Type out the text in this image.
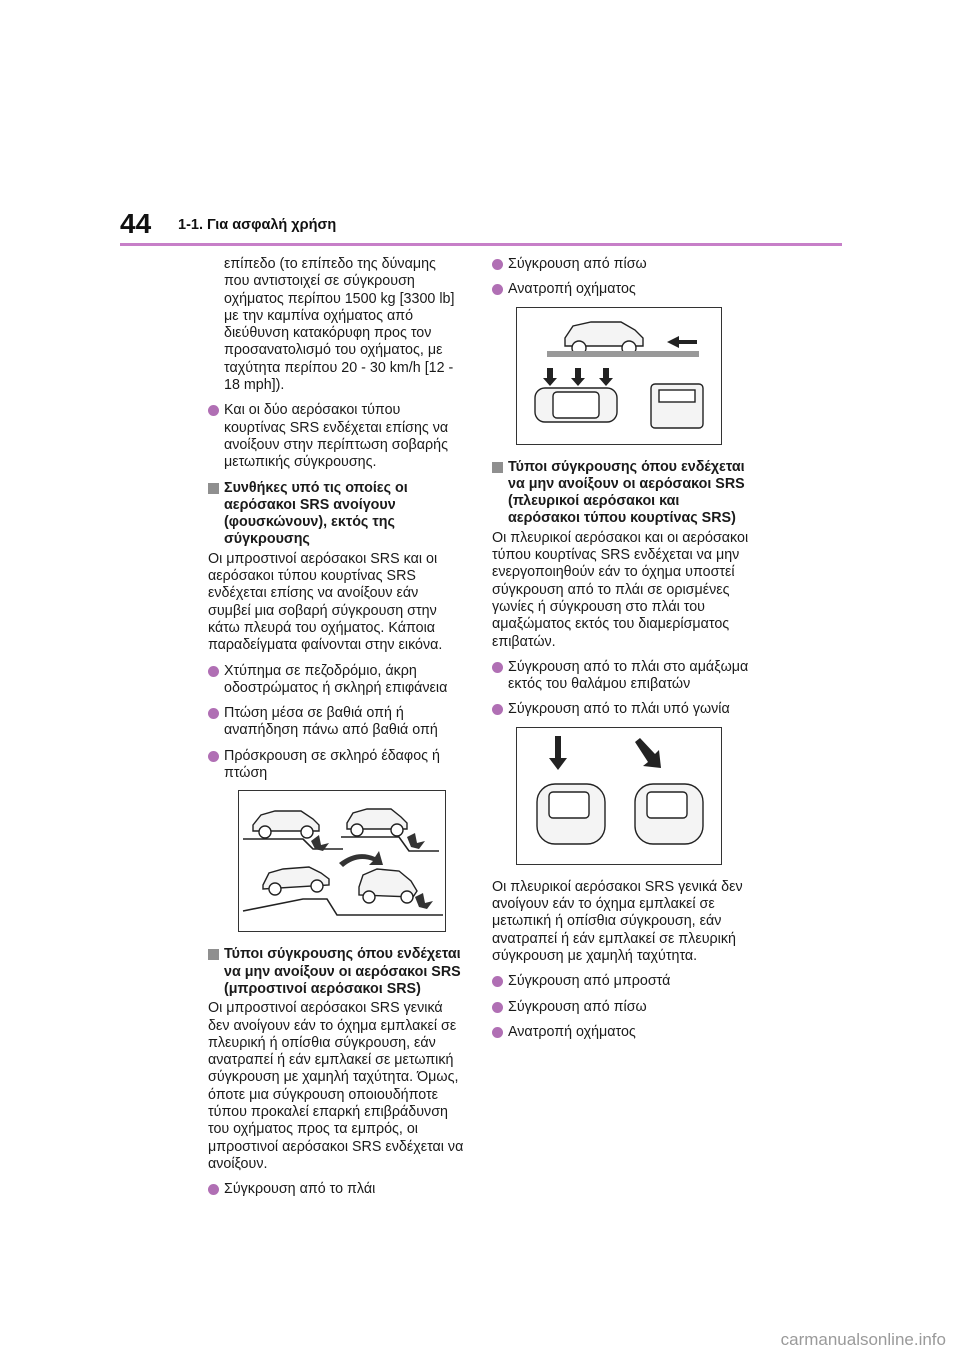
44 1-1. Για ασφαλή χρήση

επίπεδο (το επίπεδο της δύναμης που αντιστοιχεί σε σύγκρουση οχήματος περίπου 1500 kg [3300 lb] με την καμπίνα οχήματος από διεύθυνση κατακόρυφη προς τον προσανατολισμό του οχήματος, με ταχύτητα περίπου 20 - 30 km/h [12 - 18 mph]).

Και οι δύο αερόσακοι τύπου κουρτίνας SRS ενδέχεται επίσης να ανοίξουν στην περίπτωση σοβαρής μετωπικής σύγκρουσης.
Συνθήκες υπό τις οποίες οι αερόσακοι SRS ανοίγουν (φουσκώνουν), εκτός της σύγκρουσης

Οι μπροστινοί αερόσακοι SRS και οι αερόσακοι τύπου κουρτίνας SRS ενδέχεται επίσης να ανοίξουν εάν συμβεί μια σοβαρή σύγκρουση στην κάτω πλευρά του οχήματος. Κάποια παραδείγματα φαίνονται στην εικόνα.

Χτύπημα σε πεζοδρόμιο, άκρη οδοστρώματος ή σκληρή επιφάνεια
Πτώση μέσα σε βαθιά οπή ή αναπήδηση πάνω από βαθιά οπή
Πρόσκρουση σε σκληρό έδαφος ή πτώση
Τύποι σύγκρουσης όπου ενδέχεται να μην ανοίξουν οι αερόσακοι SRS (μπροστινοί αερόσακοι SRS)

Οι μπροστινοί αερόσακοι SRS γενικά δεν ανοίγουν εάν το όχημα εμπλακεί σε πλευρική ή οπίσθια σύγκρουση, εάν ανατραπεί ή εάν εμπλακεί σε μετωπική σύγκρουση με χαμηλή ταχύτητα. Όμως, όποτε μια σύγκρουση οποιουδήποτε τύπου προκαλεί επαρκή επιβράδυνση του οχήματος προς τα εμπρός, οι μπροστινοί αερόσακοι SRS ενδέχεται να ανοίξουν.

Σύγκρουση από το πλάι
Σύγκρουση από πίσω
Ανατροπή οχήματος
Τύποι σύγκρουσης όπου ενδέχεται να μην ανοίξουν οι αερόσακοι SRS (πλευρικοί αερόσακοι και αερόσακοι τύπου κουρτίνας SRS)

Οι πλευρικοί αερόσακοι και οι αερόσακοι τύπου κουρτίνας SRS ενδέχεται να μην ενεργοποιηθούν εάν το όχημα υποστεί σύγκρουση από το πλάι σε ορισμένες γωνίες ή σύγκρουση στο πλάι του αμαξώματος εκτός του διαμερίσματος επιβατών.

Σύγκρουση από το πλάι στο αμάξωμα εκτός του θαλάμου επιβατών
Σύγκρουση από το πλάι υπό γωνία

Οι πλευρικοί αερόσακοι SRS γενικά δεν ανοίγουν εάν το όχημα εμπλακεί σε μετωπική ή οπίσθια σύγκρουση, εάν ανατραπεί ή εάν εμπλακεί σε πλευρική σύγκρουση με χαμηλή ταχύτητα.

Σύγκρουση από μπροστά
Σύγκρουση από πίσω
Ανατροπή οχήματος
carmanualsonline.info
